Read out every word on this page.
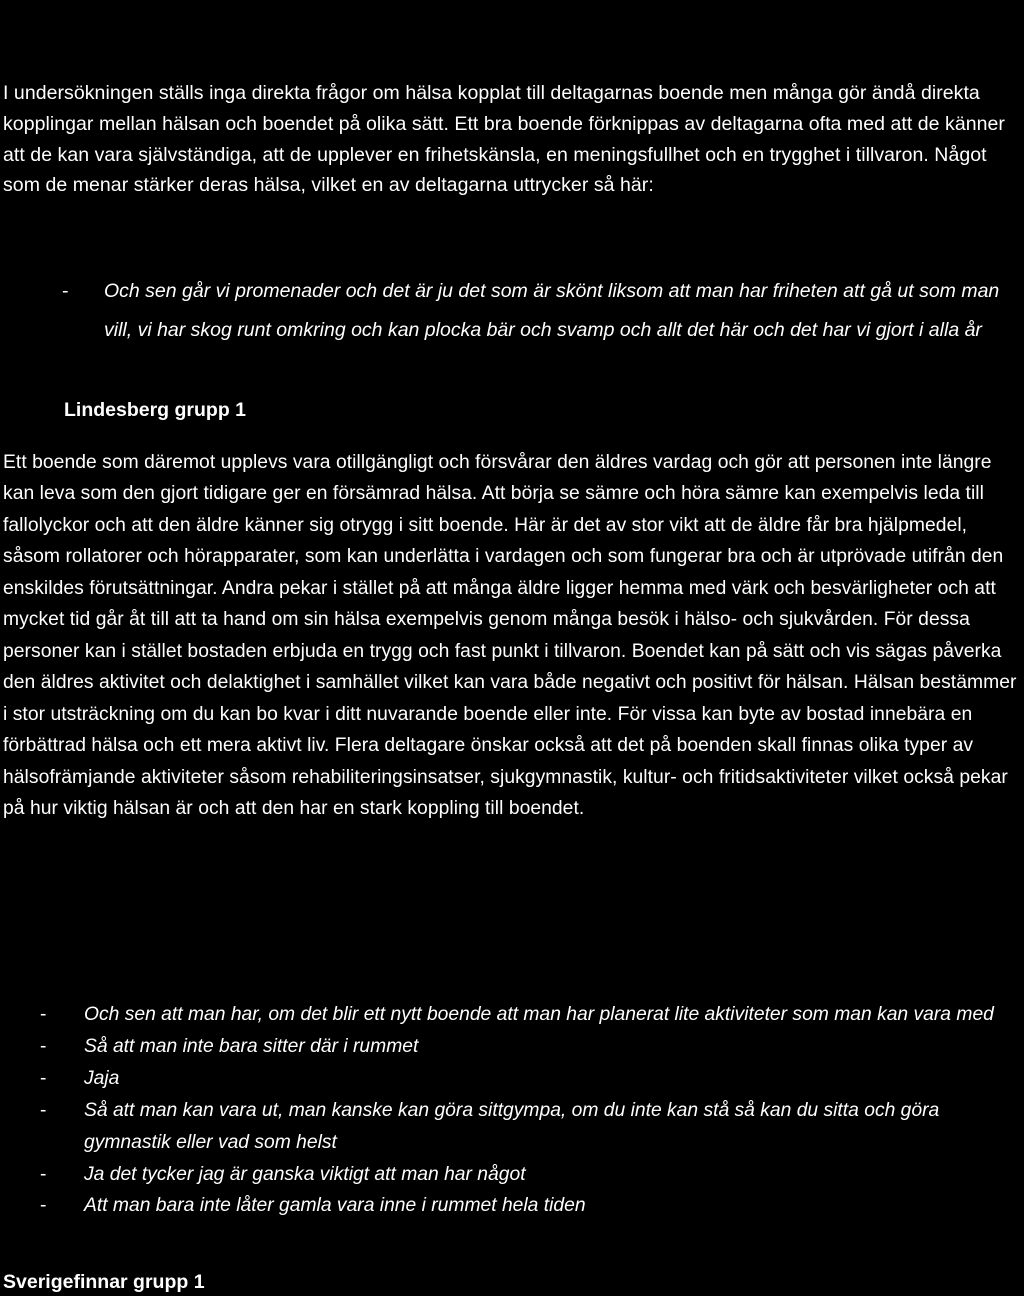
I undersökningen ställs inga direkta frågor om hälsa kopplat till deltagarnas boende men många gör ändå direkta kopplingar mellan hälsan och boendet på olika sätt. Ett bra boende förknippas av deltagarna ofta med att de känner att de kan vara självständiga, att de upplever en frihetskänsla, en meningsfullhet och en trygghet i tillvaron. Något som de menar stärker deras hälsa, vilket en av deltagarna uttrycker så här:

- Och sen går vi promenader och det är ju det som är skönt liksom att man har friheten att gå ut som man vill, vi har skog runt omkring och kan plocka bär och svamp och allt det här och det har vi gjort i alla år

Lindesberg grupp 1

Ett boende som däremot upplevs vara otillgängligt och försvårar den äldres vardag och gör att personen inte längre kan leva som den gjort tidigare ger en försämrad hälsa. Att börja se sämre och höra sämre kan exempelvis leda till fallolyckor och att den äldre känner sig otrygg i sitt boende. Här är det av stor vikt att de äldre får bra hjälpmedel, såsom rollatorer och hörapparater, som kan underlätta i vardagen och som fungerar bra och är utprövade utifrån den enskildes förutsättningar. Andra pekar i stället på att många äldre ligger hemma med värk och besvärligheter och att mycket tid går åt till att ta hand om sin hälsa exempelvis genom många besök i hälso- och sjukvården. För dessa personer kan i stället bostaden erbjuda en trygg och fast punkt i tillvaron. Boendet kan på sätt och vis sägas påverka den äldres aktivitet och delaktighet i samhället vilket kan vara både negativt och positivt för hälsan. Hälsan bestämmer i stor utsträckning om du kan bo kvar i ditt nuvarande boende eller inte. För vissa kan byte av bostad innebära en förbättrad hälsa och ett mera aktivt liv. Flera deltagare önskar också att det på boenden skall finnas olika typer av hälsofrämjande aktiviteter såsom rehabiliteringsinsatser, sjukgymnastik, kultur- och fritidsaktiviteter vilket också pekar på hur viktig hälsan är och att den har en stark koppling till boendet.

- Och sen att man har, om det blir ett nytt boende att man har planerat lite aktiviteter som man kan vara med
- Så att man inte bara sitter där i rummet
- Jaja
- Så att man kan vara ut, man kanske kan göra sittgympa, om du inte kan stå så kan du sitta och göra gymnastik eller vad som helst
- Ja det tycker jag är ganska viktigt att man har något
- Att man bara inte låter gamla vara inne i rummet hela tiden

Sverigefinnar grupp 1
